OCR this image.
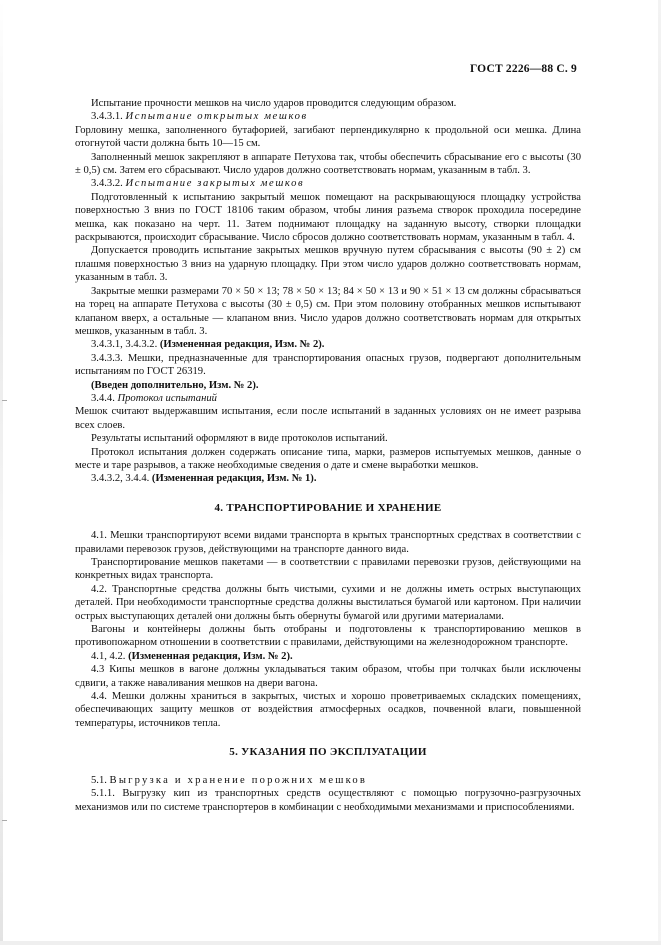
ГОСТ 2226—88 С. 9

Испытание прочности мешков на число ударов проводится следующим образом.

3.4.3.1. Испытание открытых мешков

Горловину мешка, заполненного бутафорией, загибают перпендикулярно к продольной оси мешка. Длина отогнутой части должна быть 10—15 см.

Заполненный мешок закрепляют в аппарате Петухова так, чтобы обеспечить сбрасывание его с высоты (30 ± 0,5) см. Затем его сбрасывают. Число ударов должно соответствовать нормам, указанным в табл. 3.

3.4.3.2. Испытание закрытых мешков

Подготовленный к испытанию закрытый мешок помещают на раскрывающуюся площадку устройства поверхностью 3 вниз по ГОСТ 18106 таким образом, чтобы линия разъема створок проходила посередине мешка, как показано на черт. 11. Затем поднимают площадку на заданную высоту, створки площадки раскрываются, происходит сбрасывание. Число сбросов должно соответствовать нормам, указанным в табл. 4.

Допускается проводить испытание закрытых мешков вручную путем сбрасывания с высоты (90 ± 2) см плашмя поверхностью 3 вниз на ударную площадку. При этом число ударов должно соответствовать нормам, указанным в табл. 3.

Закрытые мешки размерами 70 × 50 × 13; 78 × 50 × 13; 84 × 50 × 13 и 90 × 51 × 13 см должны сбрасываться на торец на аппарате Петухова с высоты (30 ± 0,5) см. При этом половину отобранных мешков испытывают клапаном вверх, а остальные — клапаном вниз. Число ударов должно соответствовать нормам для открытых мешков, указанным в табл. 3.

3.4.3.1, 3.4.3.2. (Измененная редакция, Изм. № 2).

3.4.3.3. Мешки, предназначенные для транспортирования опасных грузов, подвергают дополнительным испытаниям по ГОСТ 26319.

(Введен дополнительно, Изм. № 2).

3.4.4. Протокол испытаний

Мешок считают выдержавшим испытания, если после испытаний в заданных условиях он не имеет разрыва всех слоев.

Результаты испытаний оформляют в виде протоколов испытаний.

Протокол испытания должен содержать описание типа, марки, размеров испытуемых мешков, данные о месте и таре разрывов, а также необходимые сведения о дате и смене выработки мешков.

3.4.3.2, 3.4.4. (Измененная редакция, Изм. № 1).

4. ТРАНСПОРТИРОВАНИЕ И ХРАНЕНИЕ

4.1. Мешки транспортируют всеми видами транспорта в крытых транспортных средствах в соответствии с правилами перевозок грузов, действующими на транспорте данного вида.

Транспортирование мешков пакетами — в соответствии с правилами перевозки грузов, действующими на конкретных видах транспорта.

4.2. Транспортные средства должны быть чистыми, сухими и не должны иметь острых выступающих деталей. При необходимости транспортные средства должны выстилаться бумагой или картоном. При наличии острых выступающих деталей они должны быть обернуты бумагой или другими материалами.

Вагоны и контейнеры должны быть отобраны и подготовлены к транспортированию мешков в противопожарном отношении в соответствии с правилами, действующими на железнодорожном транспорте.

4.1, 4.2. (Измененная редакция, Изм. № 2).

4.3 Кипы мешков в вагоне должны укладываться таким образом, чтобы при толчках были исключены сдвиги, а также наваливания мешков на двери вагона.

4.4. Мешки должны храниться в закрытых, чистых и хорошо проветриваемых складских помещениях, обеспечивающих защиту мешков от воздействия атмосферных осадков, почвенной влаги, повышенной температуры, источников тепла.

5. УКАЗАНИЯ ПО ЭКСПЛУАТАЦИИ

5.1. Выгрузка и хранение порожних мешков

5.1.1. Выгрузку кип из транспортных средств осуществляют с помощью погрузочно-разгрузочных механизмов или по системе транспортеров в комбинации с необходимыми механизмами и приспособлениями.
